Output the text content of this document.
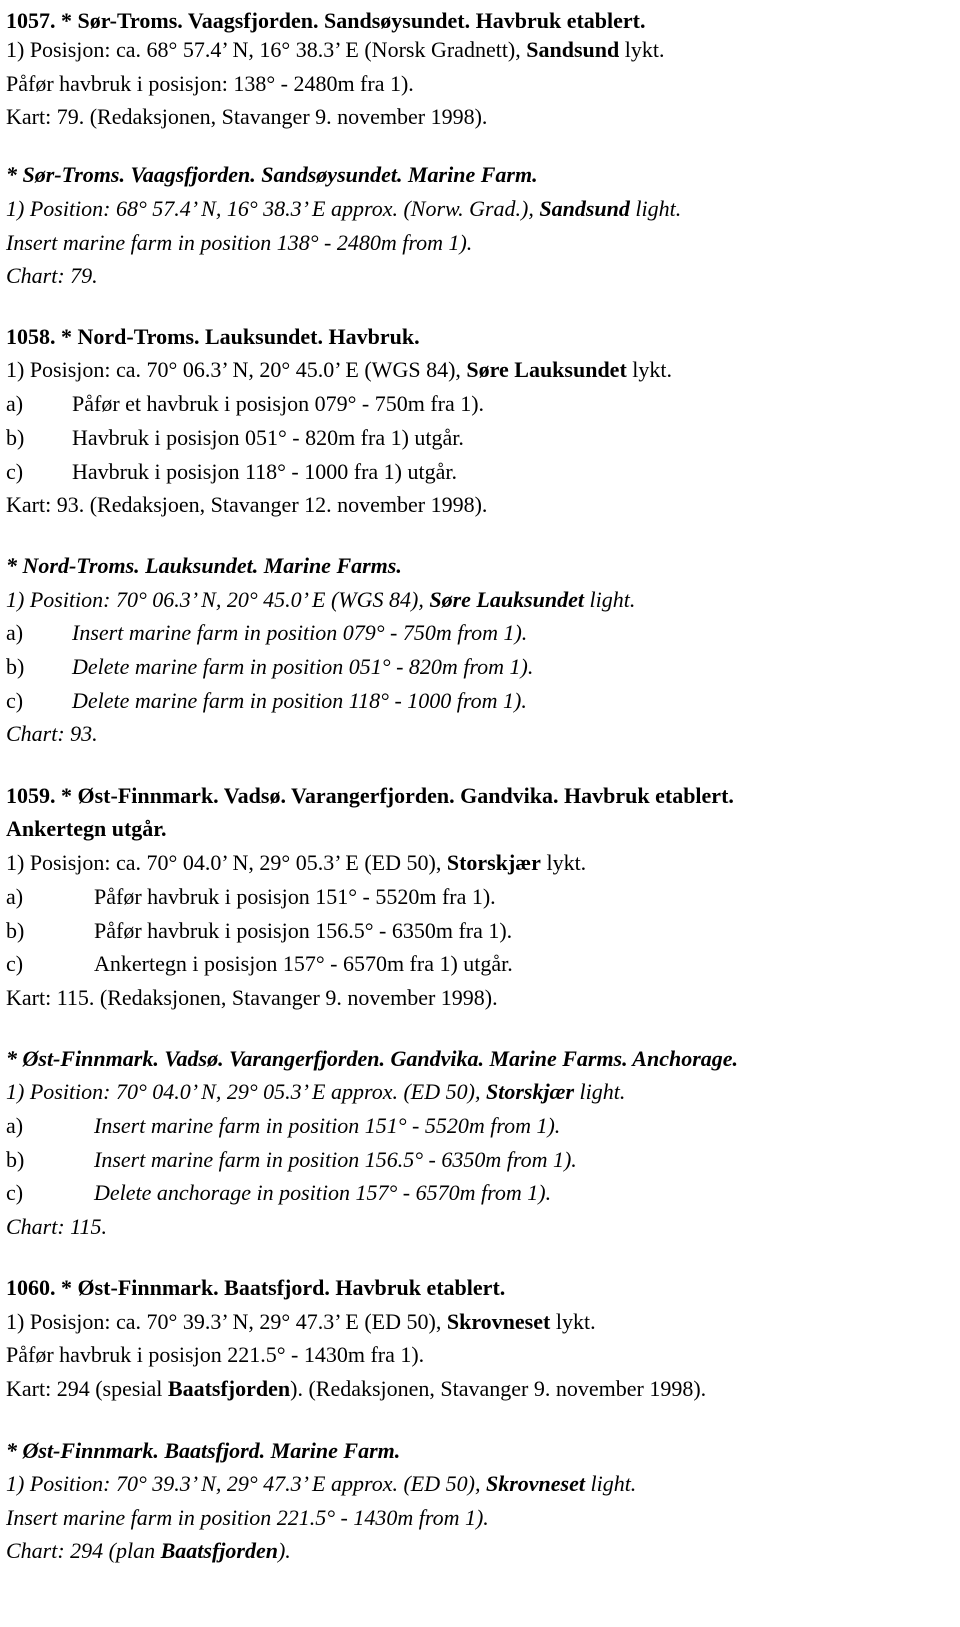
1057. * Sør-Troms. Vaagsfjorden. Sandsøysundet. Havbruk etablert.
1) Posisjon: ca. 68° 57.4’ N, 16° 38.3’ E (Norsk Gradnett), Sandsund lykt.
Påfør havbruk i posisjon: 138° - 2480m fra 1).
Kart: 79. (Redaksjonen, Stavanger 9. november 1998).
* Sør-Troms. Vaagsfjorden. Sandsøysundet. Marine Farm.
1) Position: 68° 57.4’ N, 16° 38.3’ E approx. (Norw. Grad.), Sandsund light.
Insert marine farm in position 138° - 2480m from 1).
Chart: 79.
1058. * Nord-Troms. Lauksundet. Havbruk.
1) Posisjon: ca. 70° 06.3’ N, 20° 45.0’ E (WGS 84), Søre Lauksundet lykt.
a) Påfør et havbruk i posisjon 079° - 750m fra 1).
b) Havbruk i posisjon 051° - 820m fra 1) utgår.
c) Havbruk i posisjon 118° - 1000 fra 1) utgår.
Kart: 93. (Redaksjoen, Stavanger 12. november 1998).
* Nord-Troms. Lauksundet. Marine Farms.
1) Position: 70° 06.3’ N, 20° 45.0’ E (WGS 84), Søre Lauksundet light.
a) Insert marine farm in position 079° - 750m from 1).
b) Delete marine farm in position 051° - 820m from 1).
c) Delete marine farm in position 118° - 1000 from 1).
Chart: 93.
1059. * Øst-Finnmark. Vadsø. Varangerfjorden. Gandvika. Havbruk etablert.
Ankertegn utgår.
1) Posisjon: ca. 70° 04.0’ N, 29° 05.3’ E (ED 50), Storskjær lykt.
a)	Påfør havbruk i posisjon 151° - 5520m fra 1).
b)	Påfør havbruk i posisjon 156.5° - 6350m fra 1).
c)	Ankertegn i posisjon 157° - 6570m fra 1) utgår.
Kart: 115. (Redaksjonen, Stavanger 9. november 1998).
* Øst-Finnmark. Vadsø. Varangerfjorden. Gandvika. Marine Farms. Anchorage.
1) Position: 70° 04.0’ N, 29° 05.3’ E approx. (ED 50), Storskjær light.
a)	Insert marine farm in position 151° - 5520m from 1).
b)	Insert marine farm in position 156.5° - 6350m from 1).
c)	Delete anchorage in position 157° - 6570m from 1).
Chart: 115.
1060. * Øst-Finnmark. Baatsfjord. Havbruk etablert.
1) Posisjon: ca. 70° 39.3’ N, 29° 47.3’ E (ED 50), Skrovneset lykt.
Påfør havbruk i posisjon 221.5° - 1430m fra 1).
Kart: 294 (spesial Baatsfjorden). (Redaksjonen, Stavanger 9. november 1998).
* Øst-Finnmark. Baatsfjord. Marine Farm.
1) Position: 70° 39.3’ N, 29° 47.3’ E approx. (ED 50), Skrovneset light.
Insert marine farm in position 221.5° - 1430m from 1).
Chart: 294 (plan Baatsfjorden).
